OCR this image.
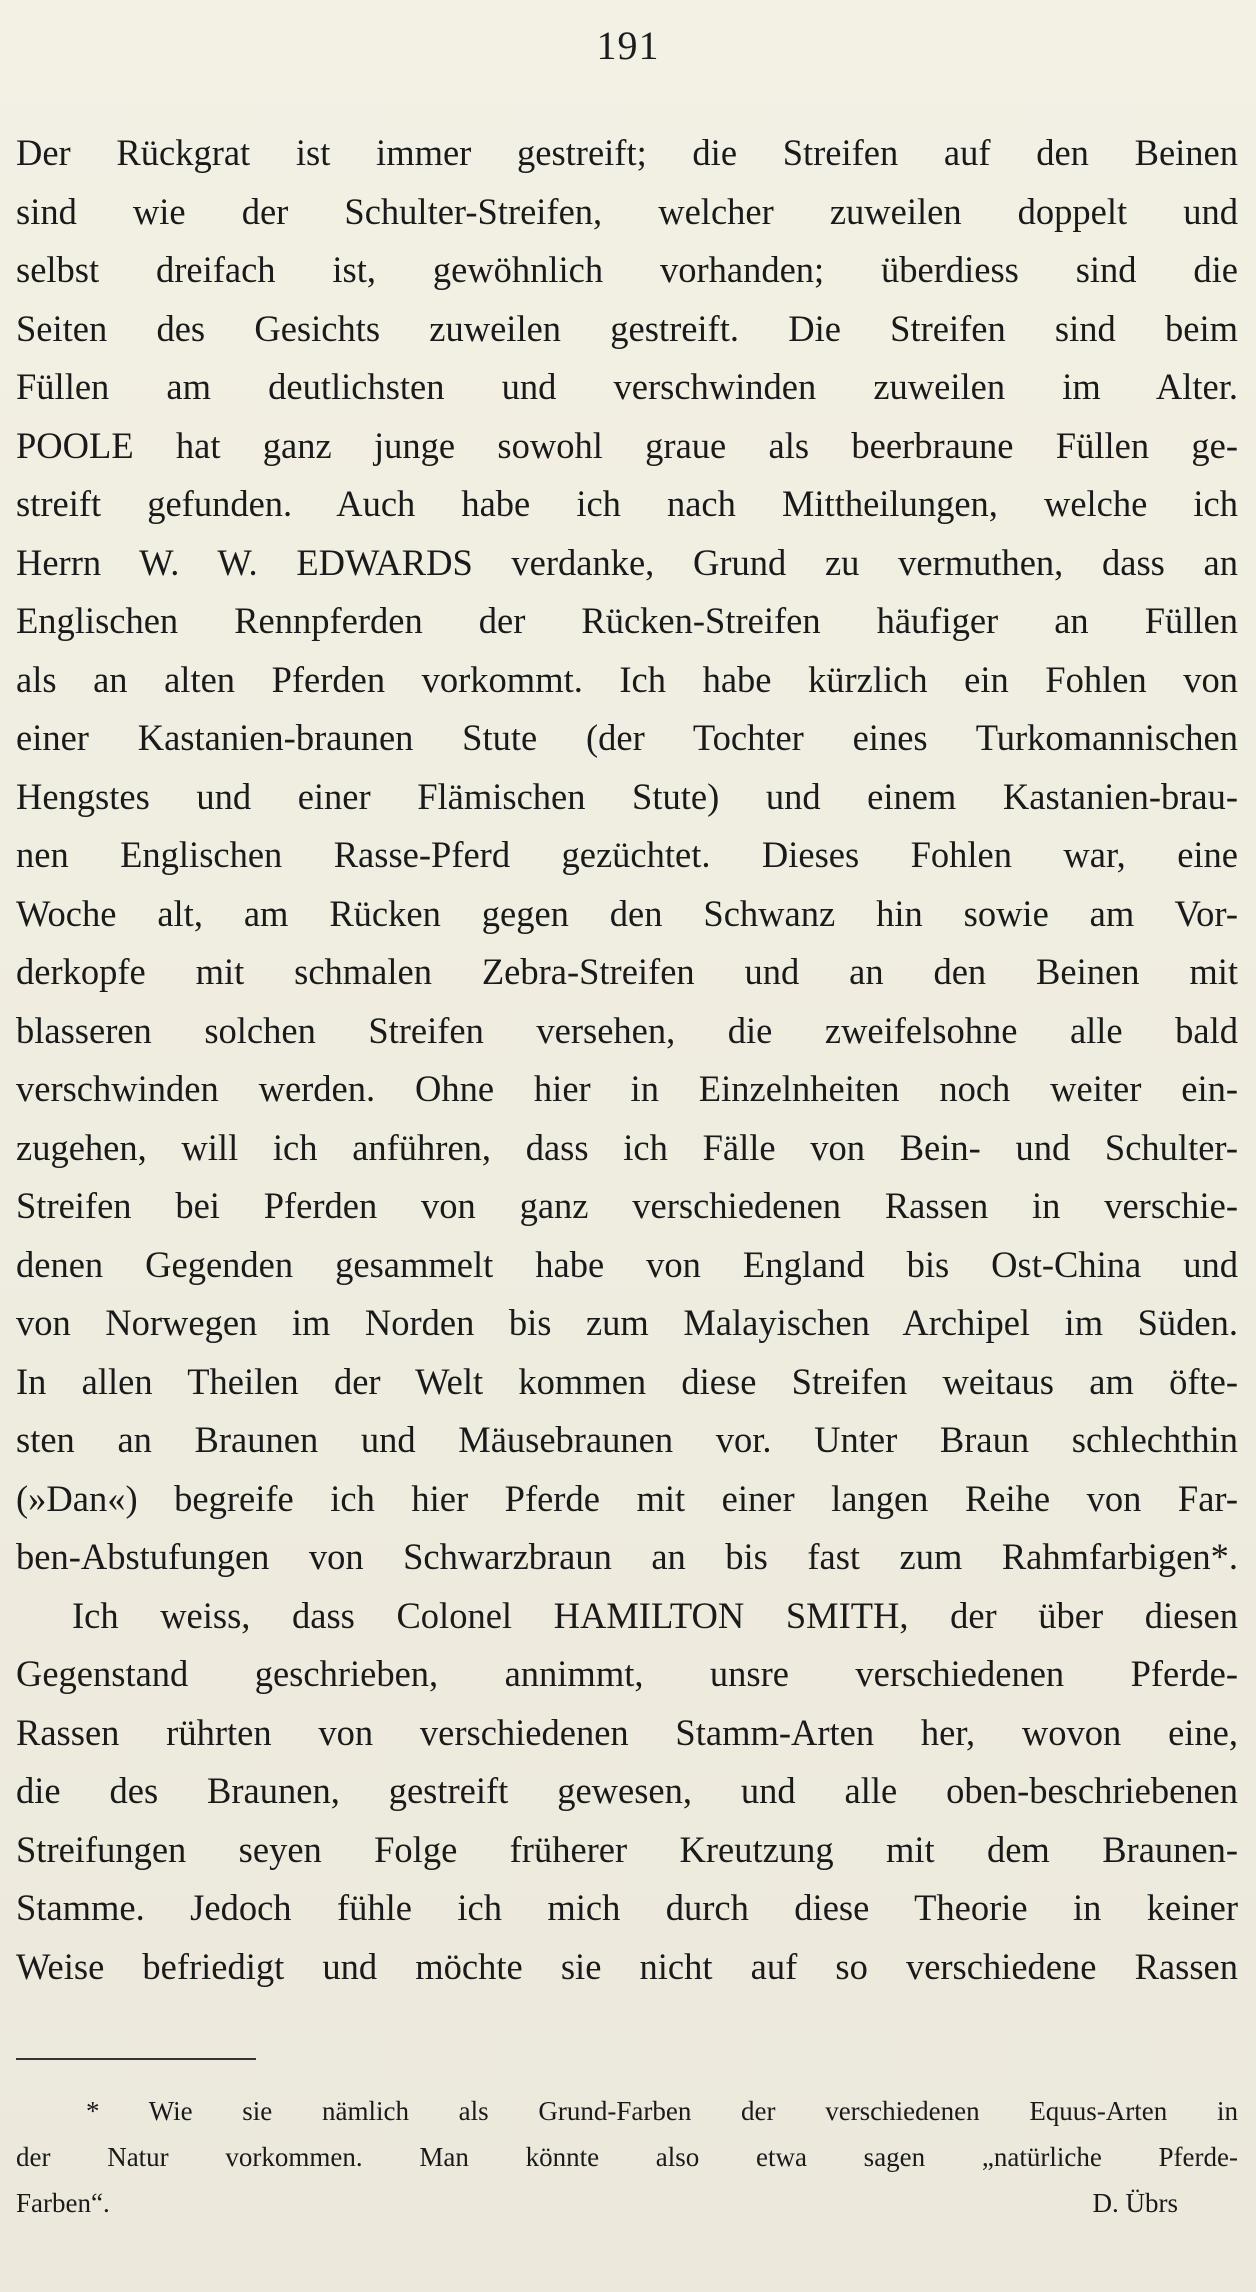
191
Der Rückgrat ist immer gestreift; die Streifen auf den Beinen
sind wie der Schulter-Streifen, welcher zuweilen doppelt und
selbst dreifach ist, gewöhnlich vorhanden; überdiess sind die
Seiten des Gesichts zuweilen gestreift. Die Streifen sind beim
Füllen am deutlichsten und verschwinden zuweilen im Alter.
POOLE hat ganz junge sowohl graue als beerbraune Füllen ge-
streift gefunden. Auch habe ich nach Mittheilungen, welche ich
Herrn W. W. EDWARDS verdanke, Grund zu vermuthen, dass an
Englischen Rennpferden der Rücken-Streifen häufiger an Füllen
als an alten Pferden vorkommt. Ich habe kürzlich ein Fohlen von
einer Kastanien-braunen Stute (der Tochter eines Turkomannischen
Hengstes und einer Flämischen Stute) und einem Kastanien-brau-
nen Englischen Rasse-Pferd gezüchtet. Dieses Fohlen war, eine
Woche alt, am Rücken gegen den Schwanz hin sowie am Vor-
derkopfe mit schmalen Zebra-Streifen und an den Beinen mit
blasseren solchen Streifen versehen, die zweifelsohne alle bald
verschwinden werden. Ohne hier in Einzelnheiten noch weiter ein-
zugehen, will ich anführen, dass ich Fälle von Bein- und Schulter-
Streifen bei Pferden von ganz verschiedenen Rassen in verschie-
denen Gegenden gesammelt habe von England bis Ost-China und
von Norwegen im Norden bis zum Malayischen Archipel im Süden.
In allen Theilen der Welt kommen diese Streifen weitaus am öfte-
sten an Braunen und Mäusebraunen vor. Unter Braun schlechthin
(»Dan«) begreife ich hier Pferde mit einer langen Reihe von Far-
ben-Abstufungen von Schwarzbraun an bis fast zum Rahmfarbigen*.
Ich weiss, dass Colonel HAMILTON SMITH, der über diesen
Gegenstand geschrieben, annimmt, unsre verschiedenen Pferde-
Rassen rührten von verschiedenen Stamm-Arten her, wovon eine,
die des Braunen, gestreift gewesen, und alle oben-beschriebenen
Streifungen seyen Folge früherer Kreutzung mit dem Braunen-
Stamme. Jedoch fühle ich mich durch diese Theorie in keiner
Weise befriedigt und möchte sie nicht auf so verschiedene Rassen
* Wie sie nämlich als Grund-Farben der verschiedenen Equus-Arten in
der Natur vorkommen. Man könnte also etwa sagen „natürliche Pferde-
Farben“.	D. Übrs
